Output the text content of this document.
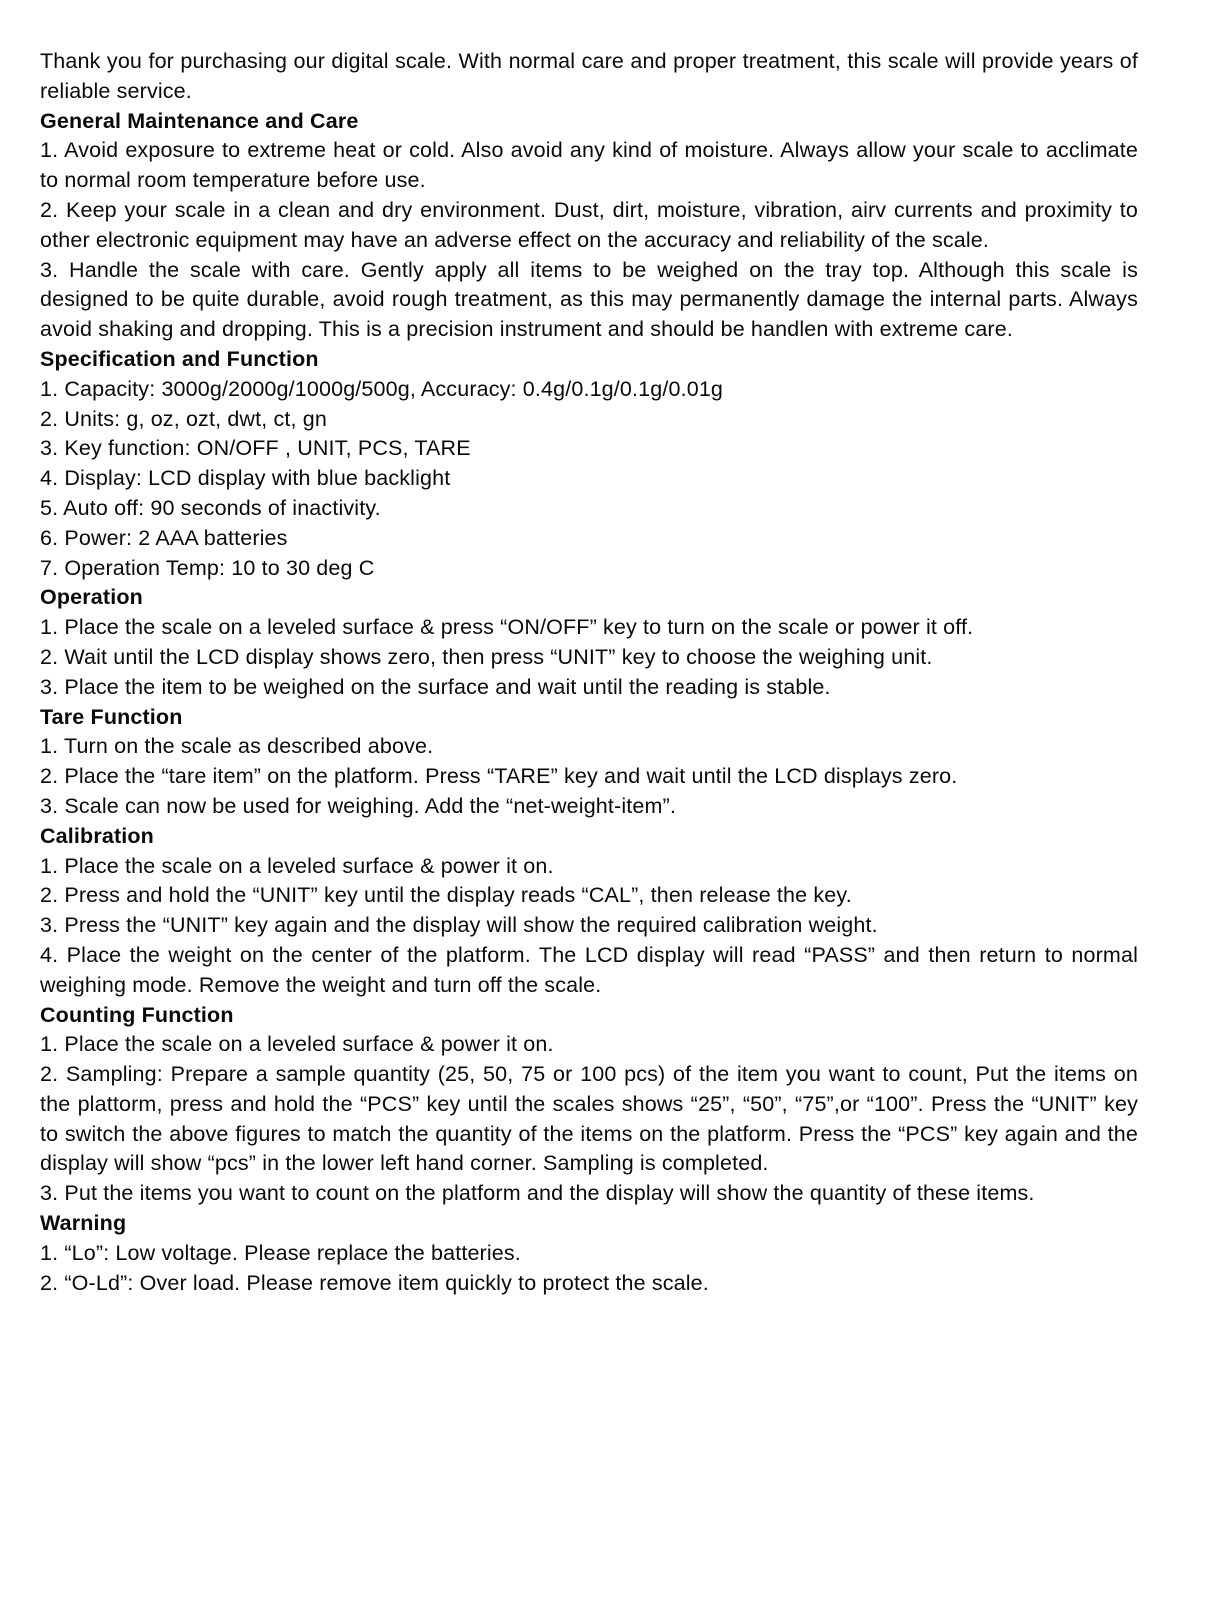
Thank you for purchasing our digital scale. With normal care and proper treatment, this scale will provide years of reliable service.

General Maintenance and Care

1. Avoid exposure to extreme heat or cold. Also avoid any kind of moisture. Always allow your scale to acclimate to normal room temperature before use.

2. Keep your scale in a clean and dry environment. Dust, dirt, moisture, vibration, airv currents and proximity to other electronic equipment may have an adverse effect on the accuracy and reliability of the scale.

3. Handle the scale with care. Gently apply all items to be weighed on the tray top. Although this scale is designed to be quite durable, avoid rough treatment, as this may permanently damage the internal parts. Always avoid shaking and dropping. This is a precision instrument and should be handlen with extreme care.

Specification and Function

1. Capacity: 3000g/2000g/1000g/500g, Accuracy: 0.4g/0.1g/0.1g/0.01g

2. Units: g, oz, ozt, dwt, ct, gn

3. Key function: ON/OFF , UNIT, PCS, TARE

4. Display: LCD display with blue backlight

5. Auto off: 90 seconds of inactivity.

6. Power: 2 AAA batteries

7. Operation Temp: 10 to 30 deg C

Operation

1. Place the scale on a leveled surface & press “ON/OFF” key to turn on the scale or power it off.

2. Wait until the LCD display shows zero, then press “UNIT” key to choose the weighing unit.

3. Place the item to be weighed on the surface and wait until the reading is stable.

Tare Function

1. Turn on the scale as described above.

2. Place the “tare item” on the platform. Press “TARE” key and wait until the LCD displays zero.

3. Scale can now be used for weighing. Add the “net-weight-item”.

Calibration

1. Place the scale on a leveled surface & power it on.

2. Press and hold the “UNIT” key until the display reads “CAL”, then release the key.

3. Press the “UNIT” key again and the display will show the required calibration weight.

4. Place the weight on the center of the platform. The LCD display will read “PASS” and then return to normal weighing mode. Remove the weight and turn off the scale.

Counting Function

1. Place the scale on a leveled surface & power it on.

2. Sampling: Prepare a sample quantity (25, 50, 75 or 100 pcs) of the item you want to count, Put the items on the plattorm, press and hold the “PCS” key until the scales shows “25”, “50”, “75”,or “100”. Press the “UNIT” key to switch the above figures to match the quantity of the items on the platform. Press the “PCS” key again and the display will show “pcs” in the lower left hand corner. Sampling is completed.

3. Put the items you want to count on the platform and the display will show the quantity of these items.

Warning

1. “Lo”: Low voltage. Please replace the batteries.

2. “O-Ld”: Over load. Please remove item quickly to protect the scale.
